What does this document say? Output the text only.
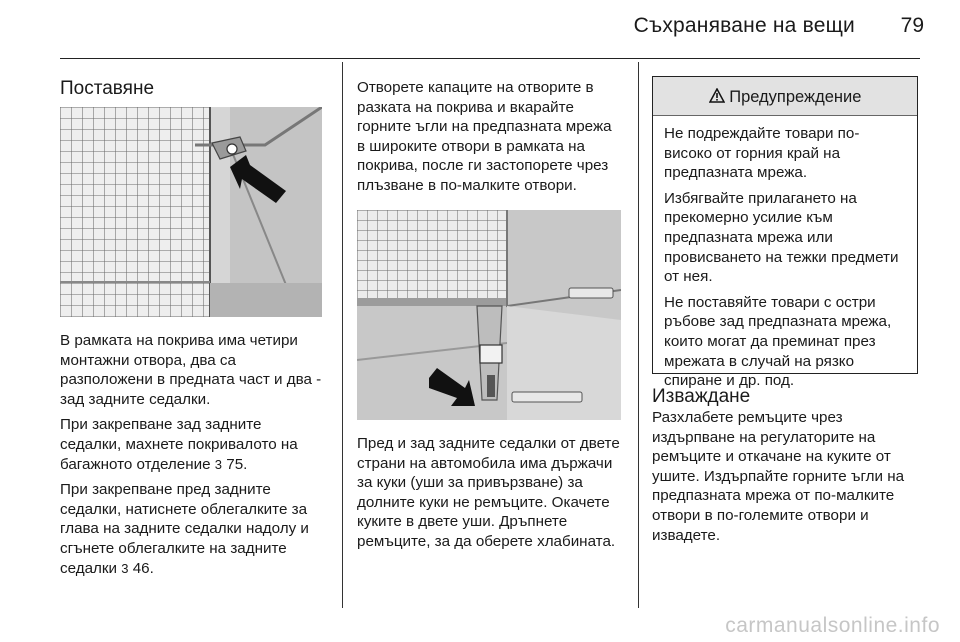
Съхраняване на вещи	79
Поставяне

В рамката на покрива има четири монтажни отвора, два са разположени в предната част и два - зад задните седалки.

При закрепване зад задните седалки, махнете покривалото на багажното отделение 3 75.

При закрепване пред задните седалки, натиснете облегалките за глава на задните седалки надолу и сгънете облегалките на задните седалки 3 46.

Отворете капаците на отворите в разката на покрива и вкарайте горните ъгли на предпазната мрежа в широките отвори в рамката на покрива, после ги застопорете чрез плъзване в по-малките отвори.

Пред и зад задните седалки от двете страни на автомобила има държачи за куки (уши за привързване) за долните куки не ремъците. Окачете куките в двете уши. Дръпнете ремъците, за да оберете хлабината.

Предупреждение

Не подреждайте товари по-високо от горния край на предпазната мрежа.

Избягвайте прилагането на прекомерно усилие към предпазната мрежа или провисването на тежки предмети от нея.

Не поставяйте товари с остри ръбове зад предпазната мрежа, които могат да преминат през мрежата в случай на рязко спиране и др. под.

Изваждане

Разхлабете ремъците чрез издърпване на регулаторите на ремъците и откачане на куките от ушите. Издърпайте горните ъгли на предпазната мрежа от по-малките отвори в по-големите отвори и извадете.

carmanualsonline.info
